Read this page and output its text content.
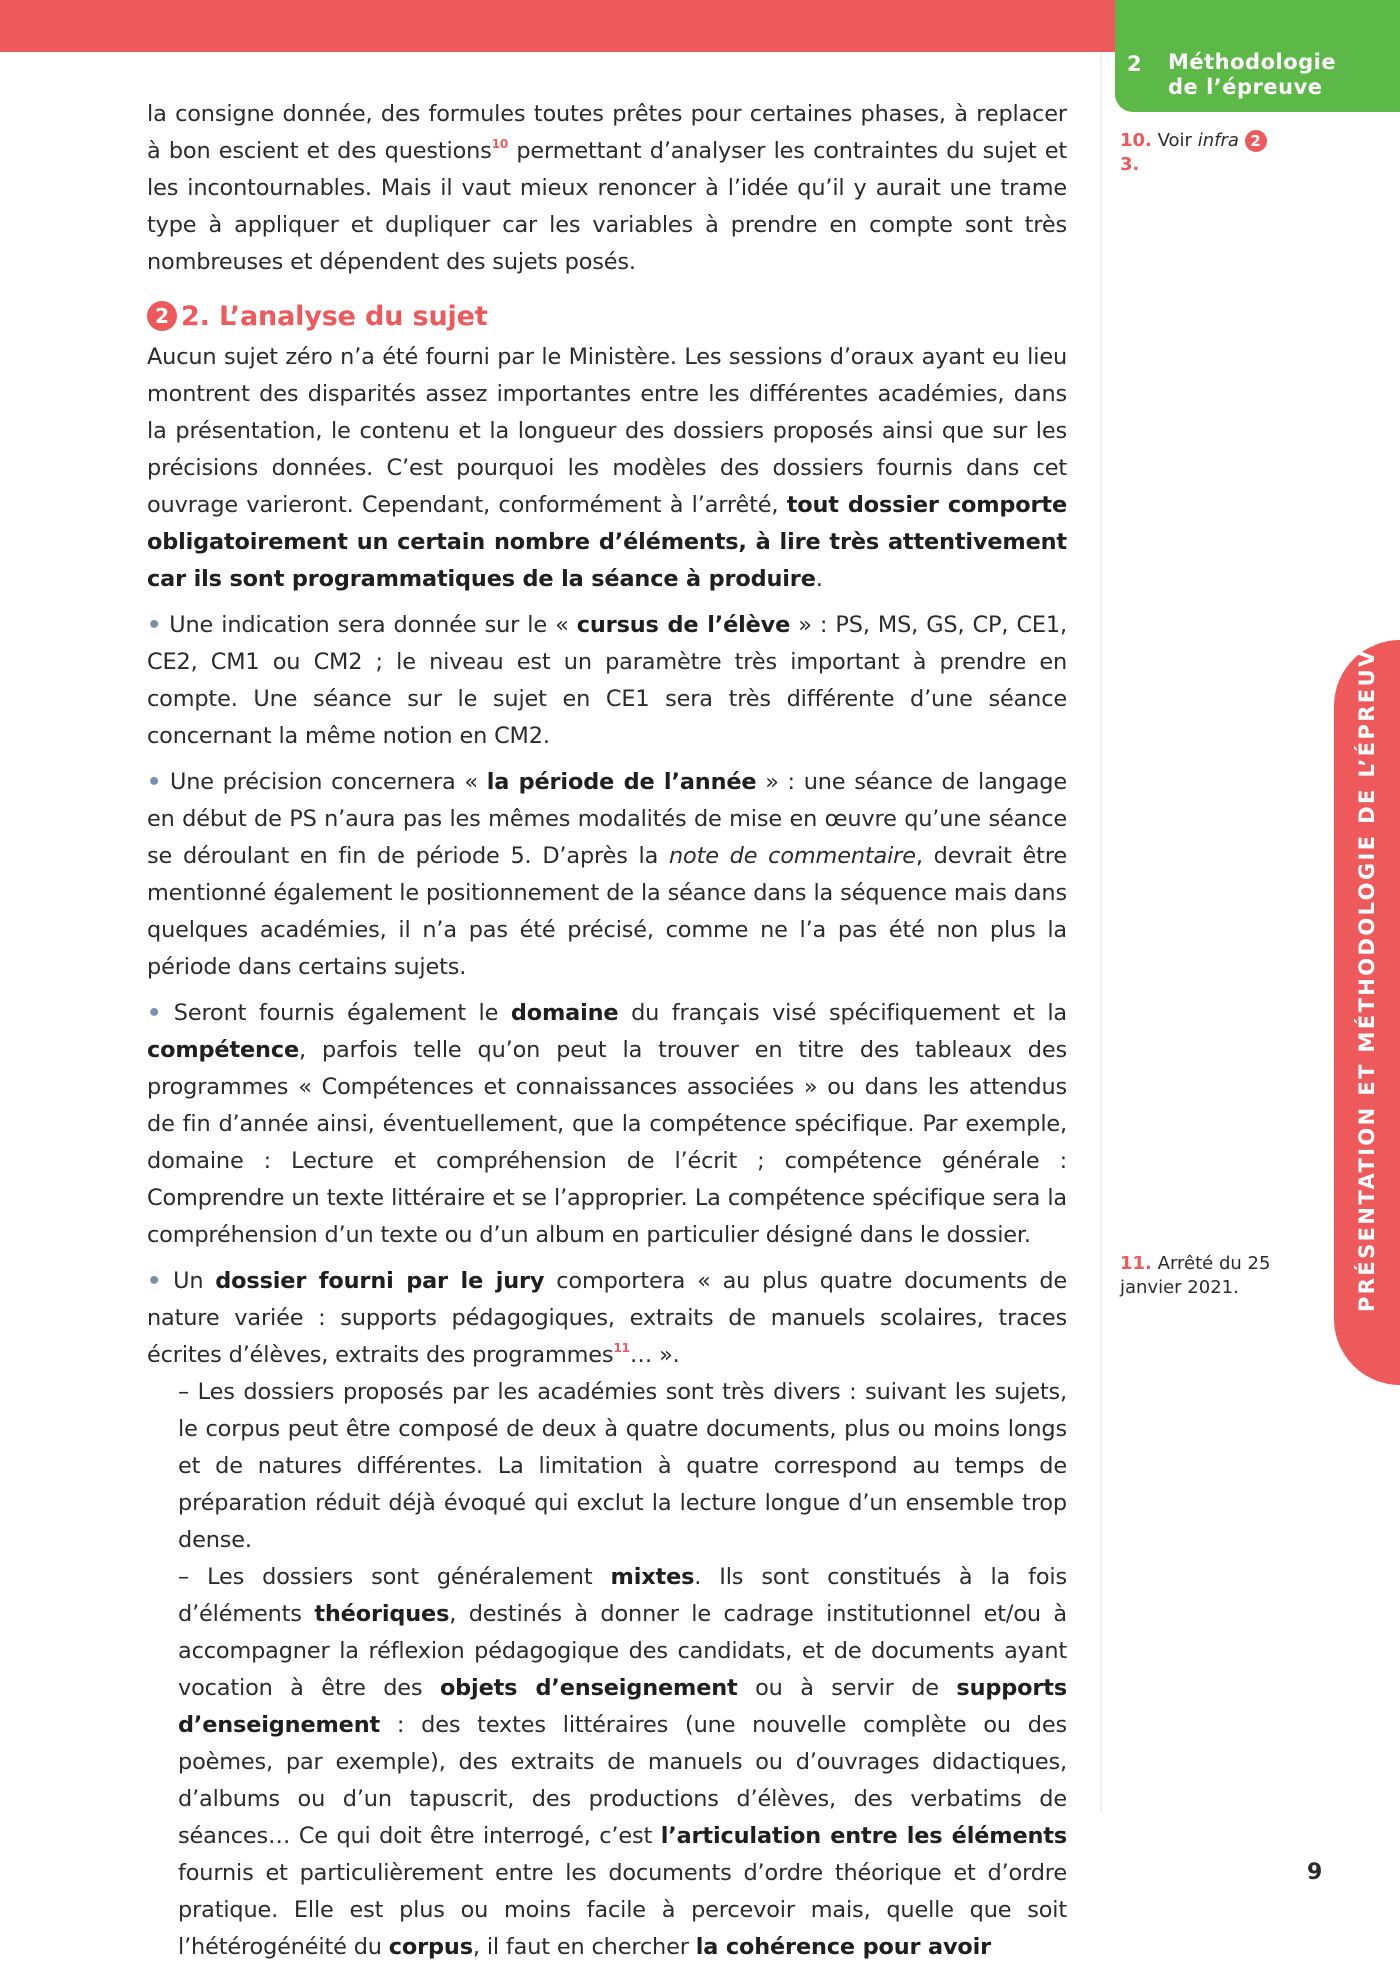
2 Méthodologie de l’épreuve

la consigne donnée, des formules toutes prêtes pour certaines phases, à replacer à bon escient et des questions$^{10}$ permettant d’analyser les contraintes du sujet et les incontournables. Mais il vaut mieux renoncer à l’idée qu’il y aurait une trame type à appliquer et dupliquer car les variables à prendre en compte sont très nombreuses et dépendent des sujets posés.

2 2. L’analyse du sujet

Aucun sujet zéro n’a été fourni par le Ministère. Les sessions d’oraux ayant eu lieu montrent des disparités assez importantes entre les différentes académies, dans la présentation, le contenu et la longueur des dossiers proposés ainsi que sur les précisions données. C’est pourquoi les modèles des dossiers fournis dans cet ouvrage varieront. Cependant, conformément à l’arrêté, tout dossier comporte obligatoirement un certain nombre d’éléments, à lire très attentivement car ils sont programmatiques de la séance à produire.

• Une indication sera donnée sur le « cursus de l’élève » : PS, MS, GS, CP, CE1, CE2, CM1 ou CM2 ; le niveau est un paramètre très important à prendre en compte. Une séance sur le sujet en CE1 sera très différente d’une séance concernant la même notion en CM2.

• Une précision concernera « la période de l’année » : une séance de langage en début de PS n’aura pas les mêmes modalités de mise en œuvre qu’une séance se déroulant en fin de période 5. D’après la note de commentaire, devrait être mentionné également le positionnement de la séance dans la séquence mais dans quelques académies, il n’a pas été précisé, comme ne l’a pas été non plus la période dans certains sujets.

• Seront fournis également le domaine du français visé spécifiquement et la compétence, parfois telle qu’on peut la trouver en titre des tableaux des programmes « Compétences et connaissances associées » ou dans les attendus de fin d’année ainsi, éventuellement, que la compétence spécifique. Par exemple, domaine : Lecture et compréhension de l’écrit ; compétence générale : Comprendre un texte littéraire et se l’approprier. La compétence spécifique sera la compréhension d’un texte ou d’un album en particulier désigné dans le dossier.

• Un dossier fourni par le jury comportera « au plus quatre documents de nature variée : supports pédagogiques, extraits de manuels scolaires, traces écrites d’élèves, extraits des programmes$^{11}$… ».

– Les dossiers proposés par les académies sont très divers : suivant les sujets, le corpus peut être composé de deux à quatre documents, plus ou moins longs et de natures différentes. La limitation à quatre correspond au temps de préparation réduit déjà évoqué qui exclut la lecture longue d’un ensemble trop dense.

– Les dossiers sont généralement mixtes. Ils sont constitués à la fois d’éléments théoriques, destinés à donner le cadrage institutionnel et/ou à accompagner la réflexion pédagogique des candidats, et de documents ayant vocation à être des objets d’enseignement ou à servir de supports d’enseignement : des textes littéraires (une nouvelle complète ou des poèmes, par exemple), des extraits de manuels ou d’ouvrages didactiques, d’albums ou d’un tapuscrit, des productions d’élèves, des verbatims de séances… Ce qui doit être interrogé, c’est l’articulation entre les éléments fournis et particulièrement entre les documents d’ordre théorique et d’ordre pratique. Elle est plus ou moins facile à percevoir mais, quelle que soit l’hétérogénéité du corpus, il faut en chercher la cohérence pour avoir

10. Voir infra 2 3.
11. Arrêté du 25 janvier 2021.	PRÉSENTATION ET MÉTHODOLOGIE DE L’ÉPREUVE
9
